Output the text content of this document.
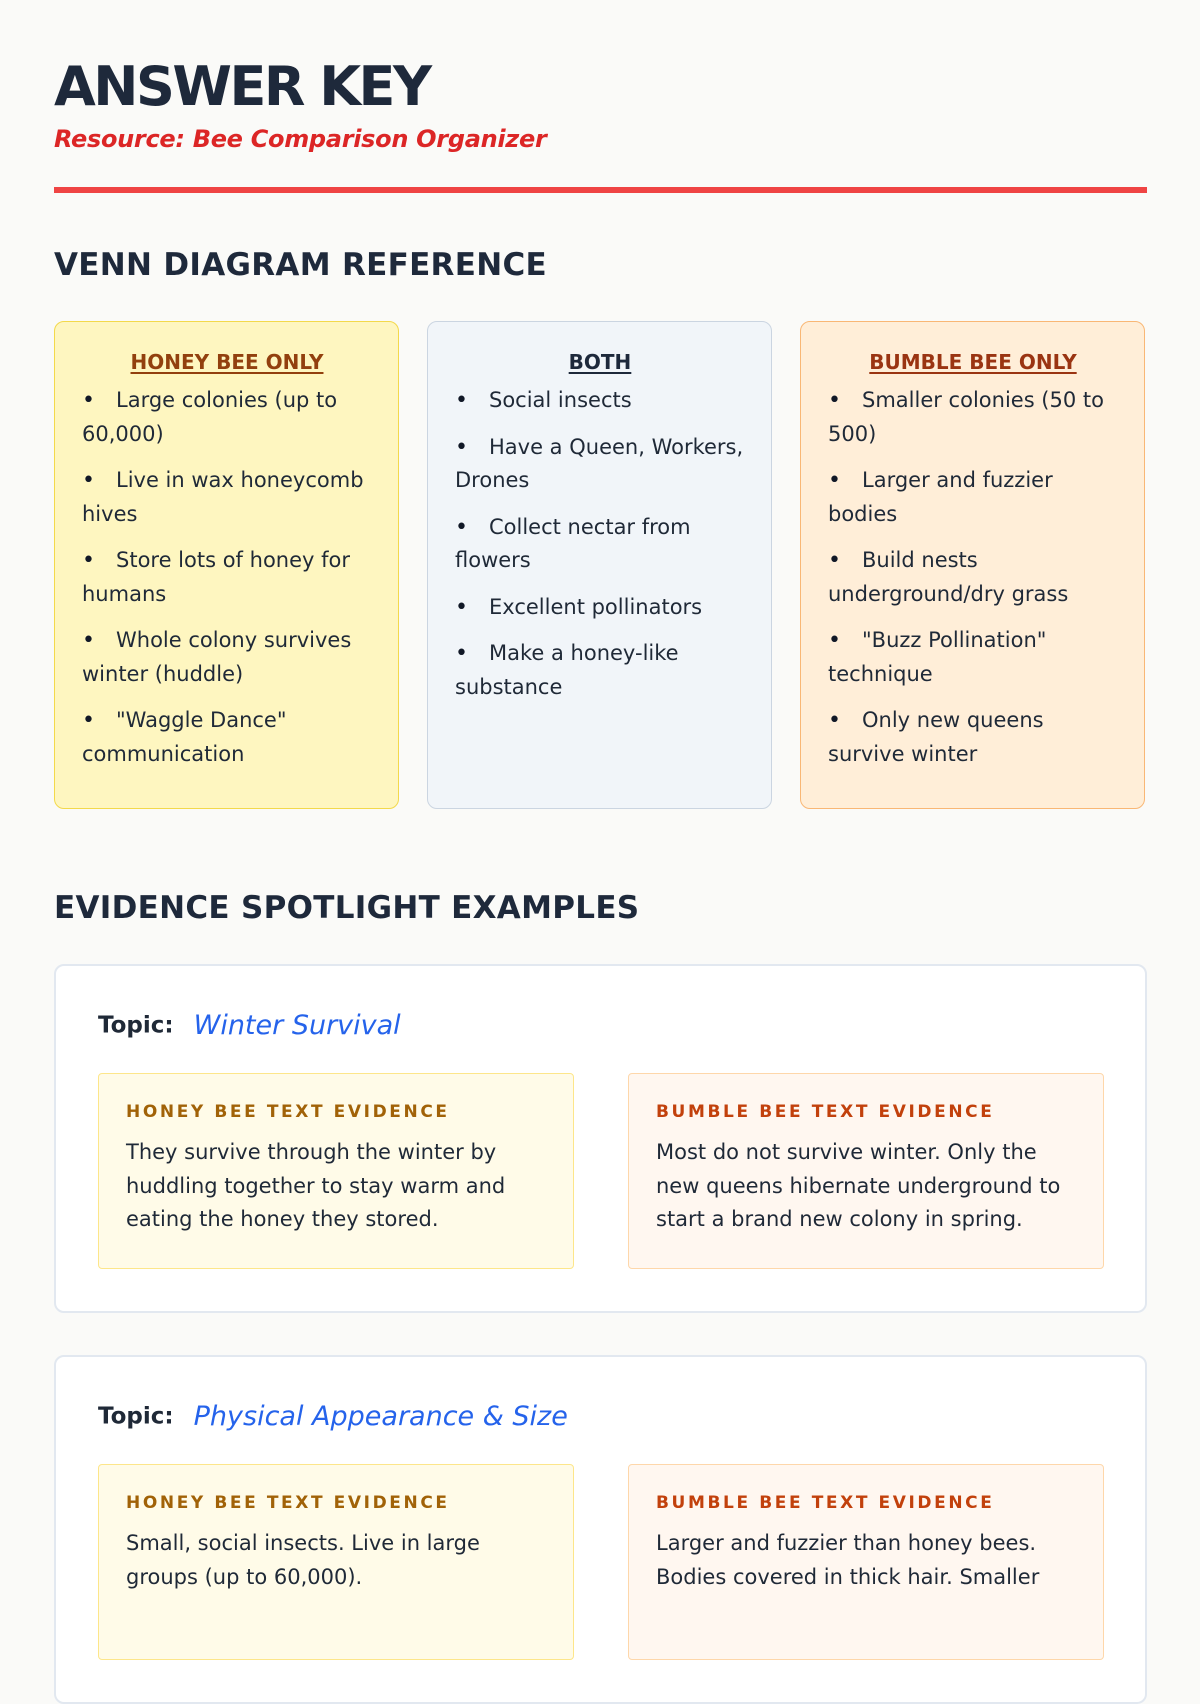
ANSWER KEY

Resource: Bee Comparison Organizer

VENN DIAGRAM REFERENCE
HONEY BEE ONLY
• Large colonies (up to 60,000)
• Live in wax honeycomb hives
• Store lots of honey for humans
• Whole colony survives winter (huddle)
• "Waggle Dance" communication
BOTH
• Social insects
• Have a Queen, Workers, Drones
• Collect nectar from flowers
• Excellent pollinators
• Make a honey-like substance
BUMBLE BEE ONLY
• Smaller colonies (50 to 500)
• Larger and fuzzier bodies
• Build nests underground/dry grass
• "Buzz Pollination" technique
• Only new queens survive winter
EVIDENCE SPOTLIGHT EXAMPLES
Topic: Winter Survival
HONEY BEE TEXT EVIDENCE

They survive through the winter by huddling together to stay warm and eating the honey they stored.

BUMBLE BEE TEXT EVIDENCE

Most do not survive winter. Only the new queens hibernate underground to start a brand new colony in spring.

Topic: Physical Appearance & Size
HONEY BEE TEXT EVIDENCE

Small, social insects. Live in large groups (up to 60,000).

BUMBLE BEE TEXT EVIDENCE

Larger and fuzzier than honey bees. Bodies covered in thick hair. Smaller
